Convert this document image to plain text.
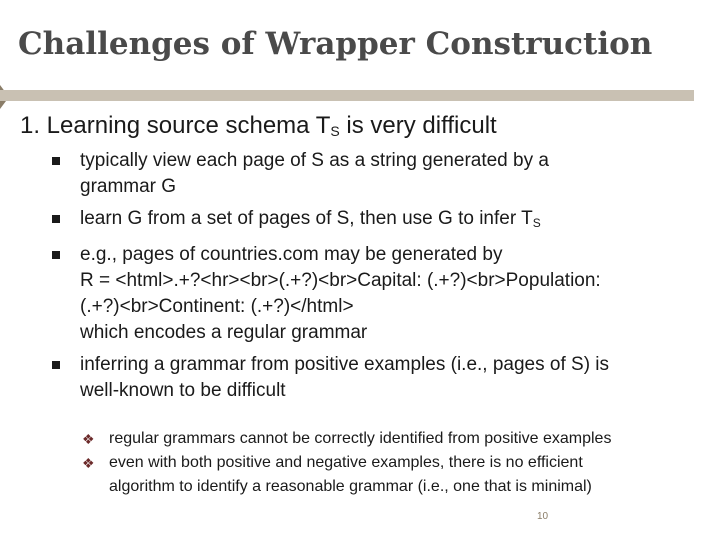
Challenges of Wrapper Construction
1. Learning source schema $T_S$ is very difficult
typically view each page of S as a string generated by a
grammar G
learn G from a set of pages of S, then use G to infer $T_S$
e.g., pages of countries.com may be generated by
R = <html>.+?<hr><br>(.+?)<br>Capital: (.+?)<br>Population:
(.+?)<br>Continent: (.+?)</html>
which encodes a regular grammar
inferring a grammar from positive examples (i.e., pages of S) is
well-known to be difficult
❖ regular grammars cannot be correctly identified from positive examples
❖ even with both positive and negative examples, there is no efficient
algorithm to identify a reasonable grammar (i.e., one that is minimal)
10
